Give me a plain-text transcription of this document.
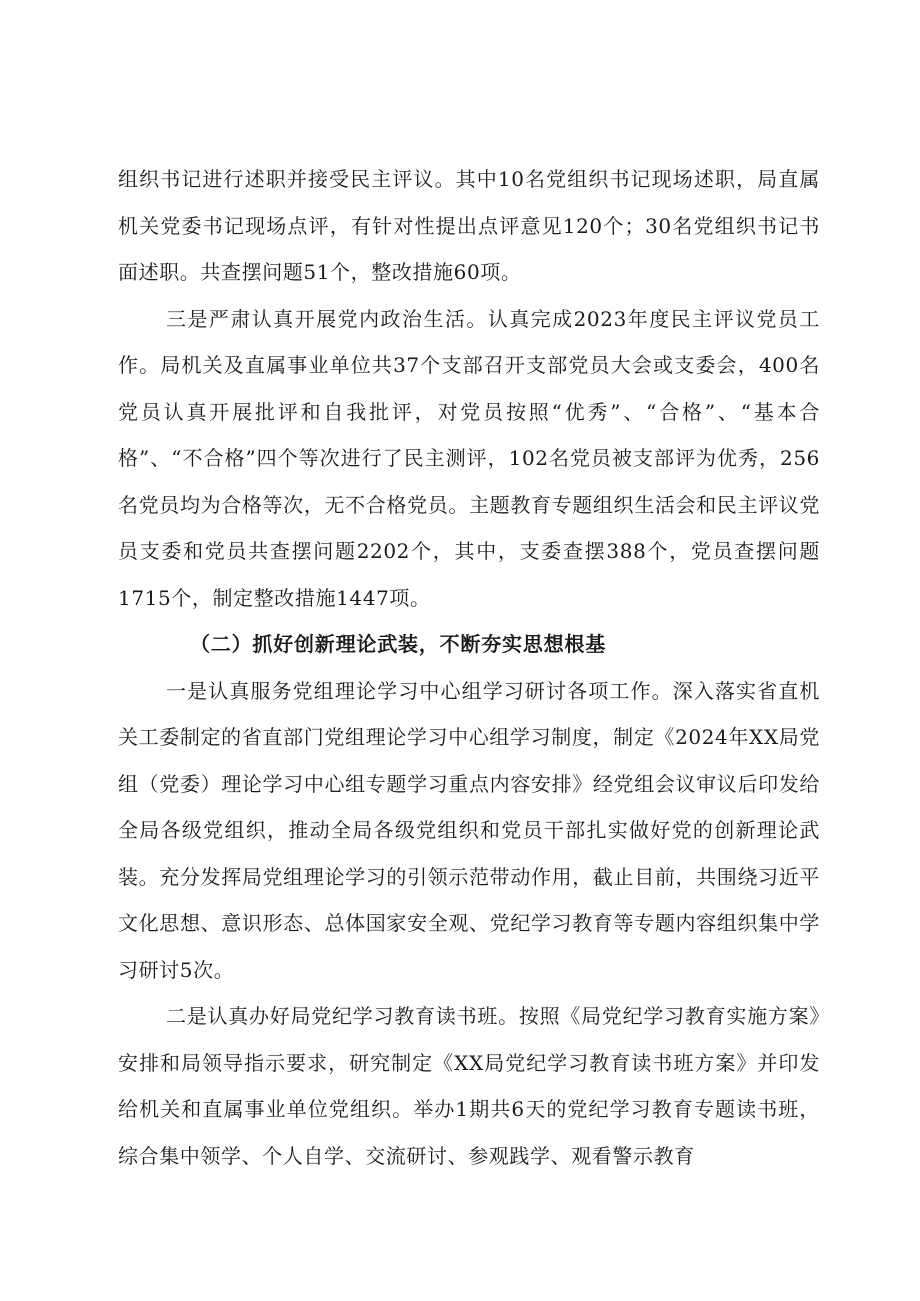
组织书记进行述职并接受民主评议。其中10名党组织书记现场述职，局直属机关党委书记现场点评，有针对性提出点评意见120个；30名党组织书记书面述职。共查摆问题51个，整改措施60项。

三是严肃认真开展党内政治生活。认真完成2023年度民主评议党员工作。局机关及直属事业单位共37个支部召开支部党员大会或支委会，400名党员认真开展批评和自我批评，对党员按照“优秀”、“合格”、“基本合格”、“不合格”四个等次进行了民主测评，102名党员被支部评为优秀，256名党员均为合格等次，无不合格党员。主题教育专题组织生活会和民主评议党员支委和党员共查摆问题2202个，其中，支委查摆388个，党员查摆问题1715个，制定整改措施1447项。

（二）抓好创新理论武装，不断夯实思想根基

一是认真服务党组理论学习中心组学习研讨各项工作。深入落实省直机关工委制定的省直部门党组理论学习中心组学习制度，制定《2024年XX局党组（党委）理论学习中心组专题学习重点内容安排》经党组会议审议后印发给全局各级党组织，推动全局各级党组织和党员干部扎实做好党的创新理论武装。充分发挥局党组理论学习的引领示范带动作用，截止目前，共围绕习近平文化思想、意识形态、总体国家安全观、党纪学习教育等专题内容组织集中学习研讨5次。

二是认真办好局党纪学习教育读书班。按照《局党纪学习教育实施方案》安排和局领导指示要求，研究制定《XX局党纪学习教育读书班方案》并印发给机关和直属事业单位党组织。举办1期共6天的党纪学习教育专题读书班，综合集中领学、个人自学、交流研讨、参观践学、观看警示教育
